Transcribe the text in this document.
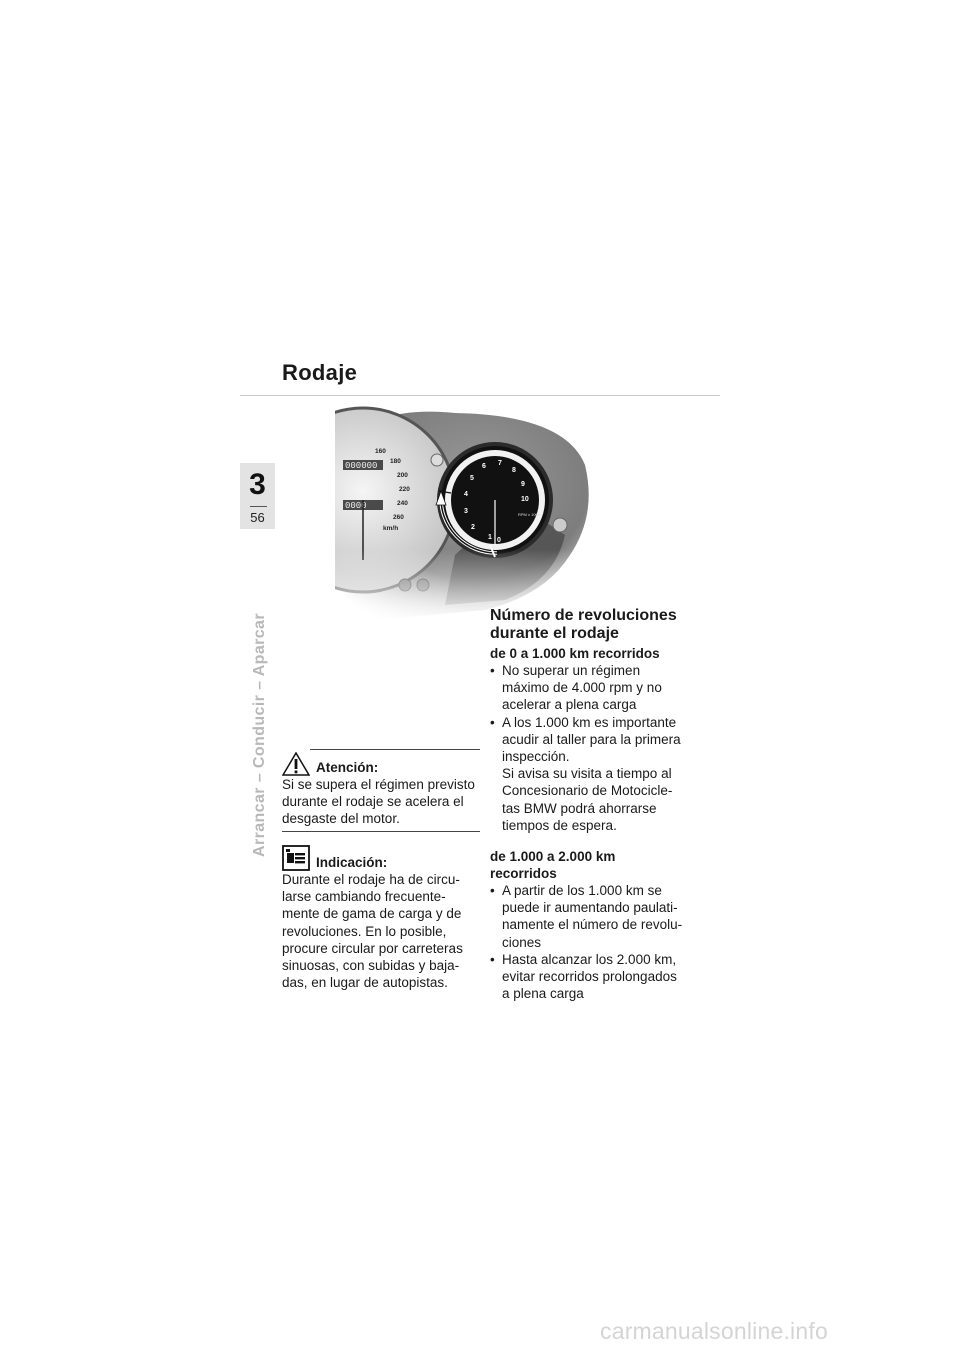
Rodaje
3
56
Arrancar – Conducir – Aparcar	Número de revoluciones
durante el rodaje
de 0 a 1.000 km recorridos
• No superar un régimen
máximo de 4.000 rpm y no
acelerar a plena carga
• A los 1.000 km es importante
acudir al taller para la primera
inspección.
Si avisa su visita a tiempo al
Concesionario de Motocicle-
tas BMW podrá ahorrarse
tiempos de espera.
de 1.000 a 2.000 km
recorridos
• A partir de los 1.000 km se
puede ir aumentando paulati-
namente el número de revolu-
ciones
• Hasta alcanzar los 2.000 km,
evitar recorridos prolongados
a plena carga
Atención:
Si se supera el régimen previsto
durante el rodaje se acelera el
desgaste del motor.
Indicación:
Durante el rodaje ha de circu-
larse cambiando frecuente-
mente de gama de carga y de
revoluciones. En lo posible,
procure circular por carreteras
sinuosas, con subidas y baja-
das, en lugar de autopistas.
carmanualsonline.info
